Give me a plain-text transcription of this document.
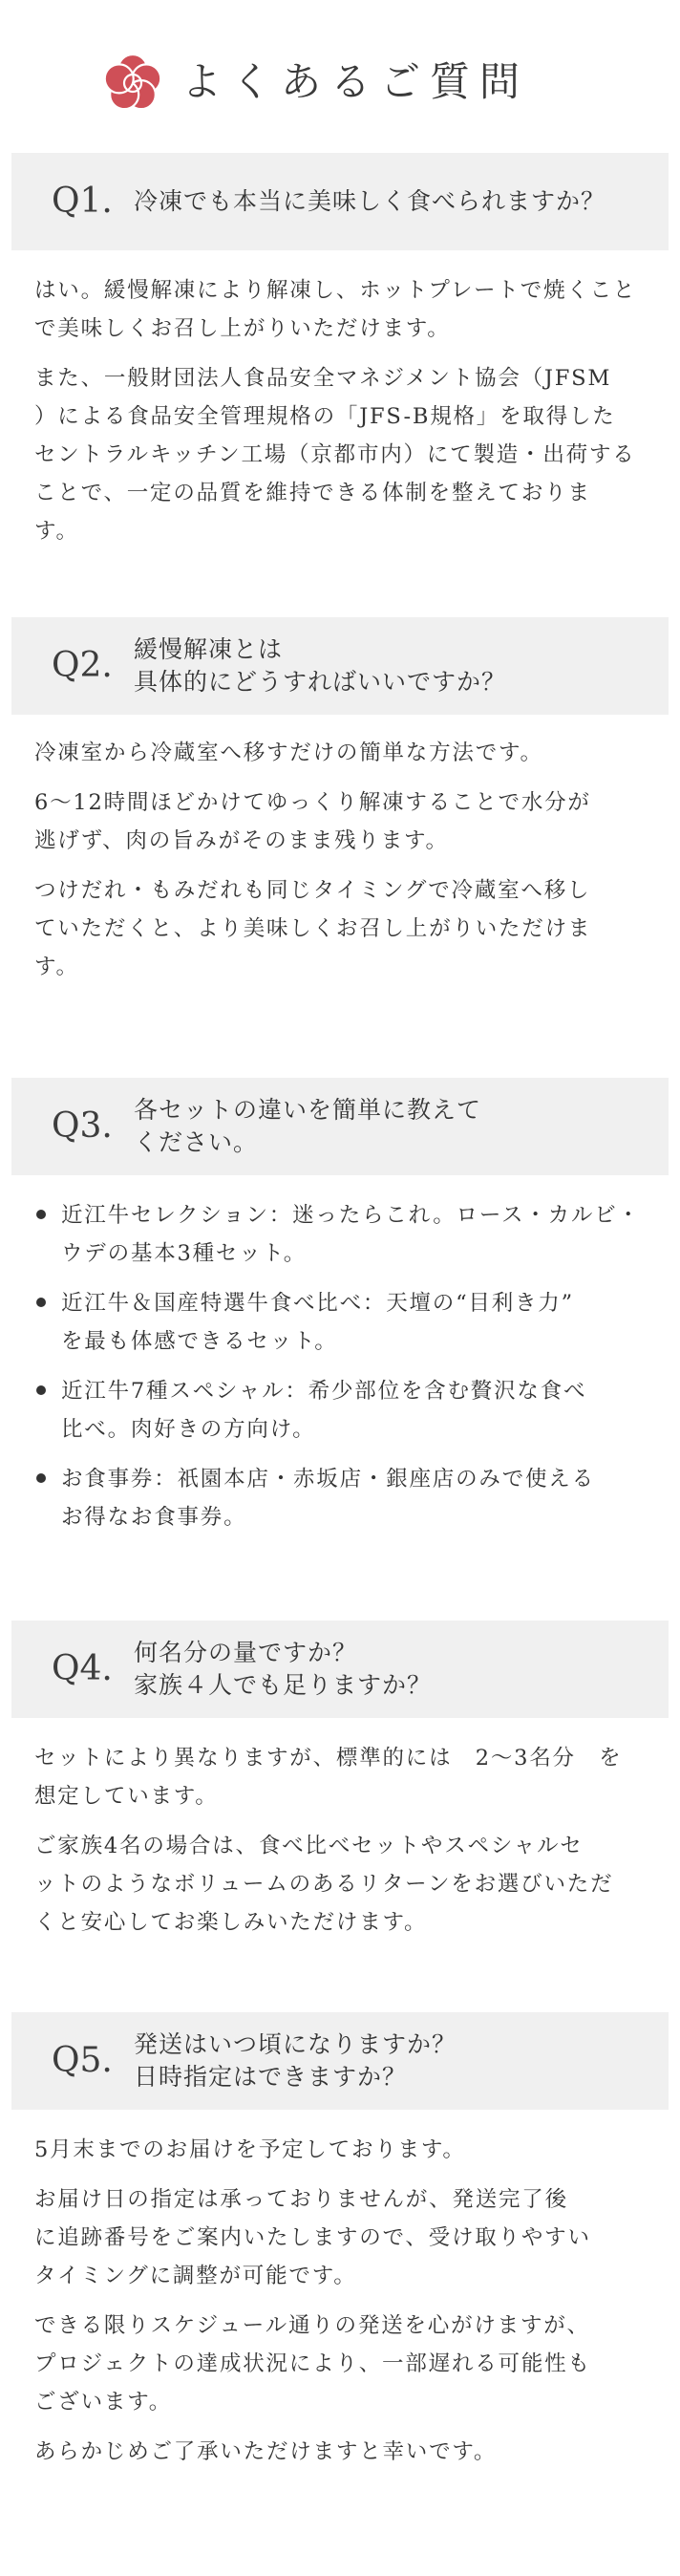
よくあるご質問
Q1. 冷凍でも本当に美味しく食べられますか？

はい。緩慢解凍により解凍し、ホットプレートで焼くこと
で美味しくお召し上がりいただけます。

また、一般財団法人食品安全マネジメント協会（JFSM
）による食品安全管理規格の「JFS-B規格」を取得した
セントラルキッチン工場（京都市内）にて製造・出荷する
ことで、一定の品質を維持できる体制を整えておりま
す。

Q2. 緩慢解凍とは
具体的にどうすればいいですか？

冷凍室から冷蔵室へ移すだけの簡単な方法です。

6〜12時間ほどかけてゆっくり解凍することで水分が
逃げず、肉の旨みがそのまま残ります。

つけだれ・もみだれも同じタイミングで冷蔵室へ移し
ていただくと、より美味しくお召し上がりいただけま
す。

Q3. 各セットの違いを簡単に教えて
ください。
近江牛セレクション：迷ったらこれ。ロース・カルビ・
ウデの基本3種セット。
近江牛＆国産特選牛食べ比べ：天壇の“目利き力”
を最も体感できるセット。
近江牛7種スペシャル：希少部位を含む贅沢な食べ
比べ。肉好きの方向け。
お食事券：祇園本店・赤坂店・銀座店のみで使える
お得なお食事券。
Q4. 何名分の量ですか？
家族４人でも足りますか？

セットにより異なりますが、標準的には　2〜3名分　を
想定しています。

ご家族4名の場合は、食べ比べセットやスペシャルセ
ットのようなボリュームのあるリターンをお選びいただ
くと安心してお楽しみいただけます。

Q5. 発送はいつ頃になりますか？
日時指定はできますか？

5月末までのお届けを予定しております。

お届け日の指定は承っておりませんが、発送完了後
に追跡番号をご案内いたしますので、受け取りやすい
タイミングに調整が可能です。

できる限りスケジュール通りの発送を心がけますが、
プロジェクトの達成状況により、一部遅れる可能性も
ございます。

あらかじめご了承いただけますと幸いです。
